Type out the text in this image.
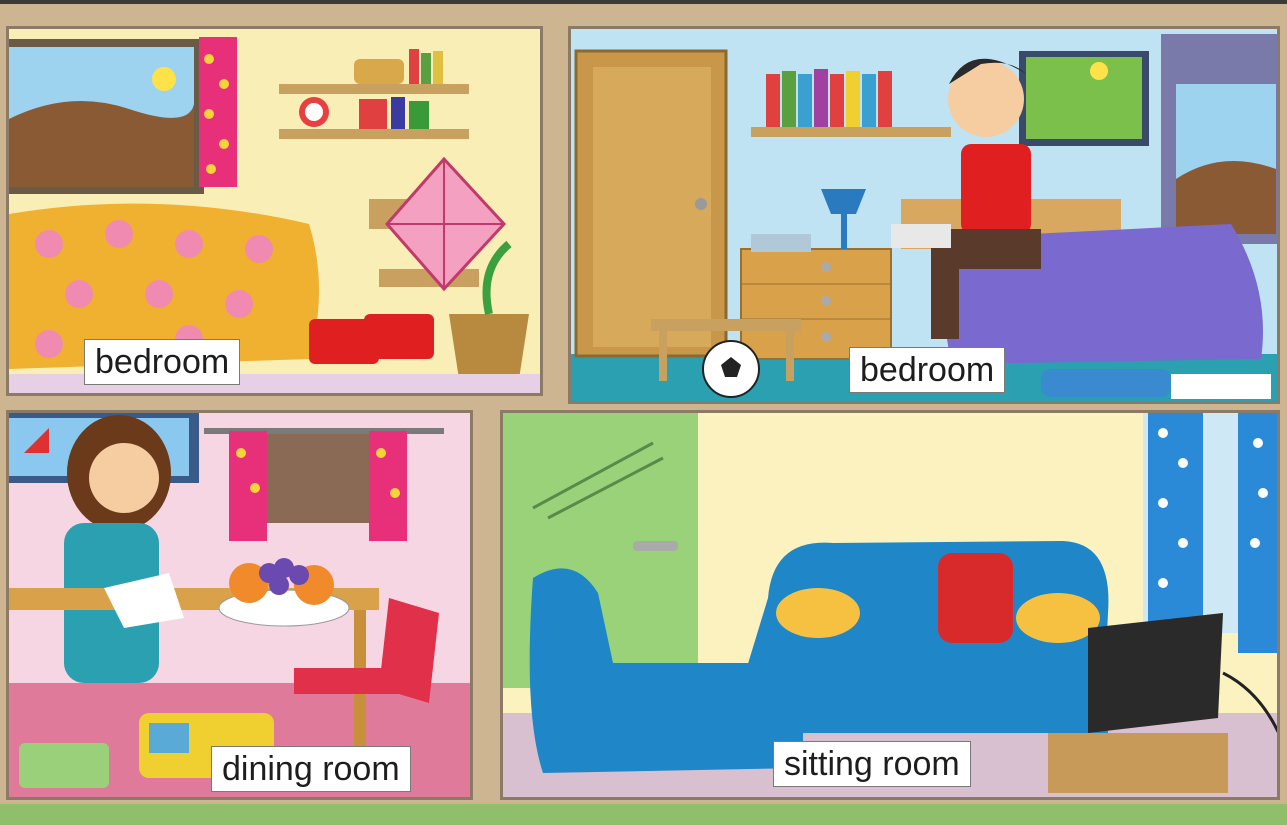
bedroom	bedroom
dining room	sitting room
